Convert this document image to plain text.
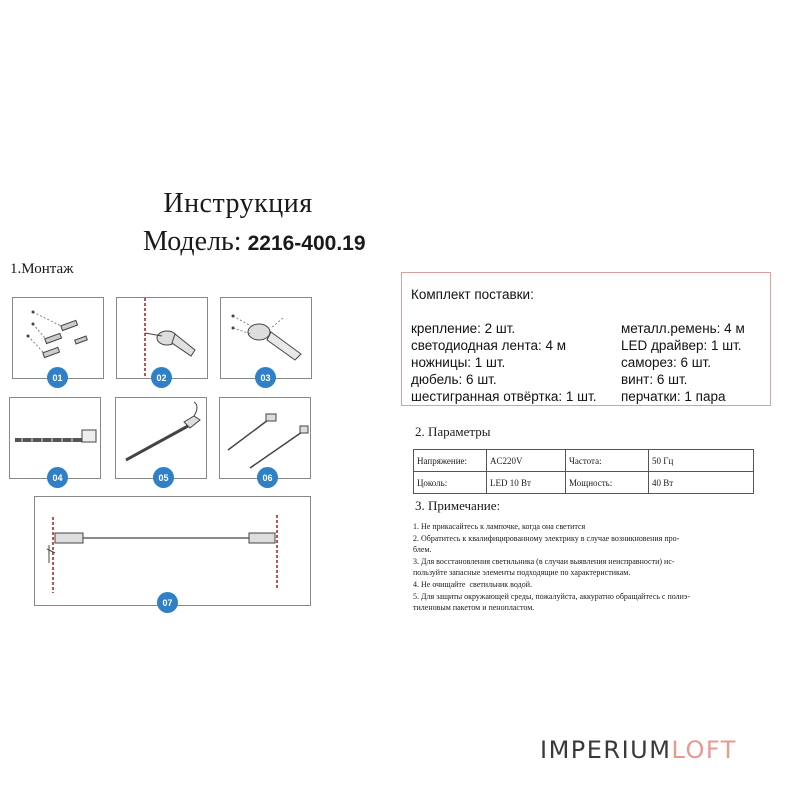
Инструкция
Модель: 2216-400.19
1.Монтаж
01	02	03
04	05	06
07
Комплект поставки:
крепление: 2 шт.
светодиодная лента: 4 м
ножницы: 1 шт.
дюбель: 6 шт.
шестигранная отвёртка: 1 шт.
металл.ремень: 4 м
LED драйвер: 1 шт.
саморез: 6 шт.
винт: 6 шт.
перчатки: 1 пара
2. Параметры
Напряжение:	AC220V	Частота:	50 Гц
Цоколь:	LED 10 Вт	Мощность:	40 Вт
3. Примечание:
1. Не прикасайтесь к лампочке, когда она светится
2. Обратитесь к квалифицированному электрику в случае возникновения про-
блем.
3. Для восстановления светильника (в случаи выявления неисправности) ис-
пользуйте запасные элементы подходящие по характеристикам.
4. Не очищайте  светильник водой.
5. Для защиты окружающей среды, пожалуйста, аккуратно обращайтесь с полиэ-
тиленовым пакетом и пенопластом.
IMPERIUMLOFT
